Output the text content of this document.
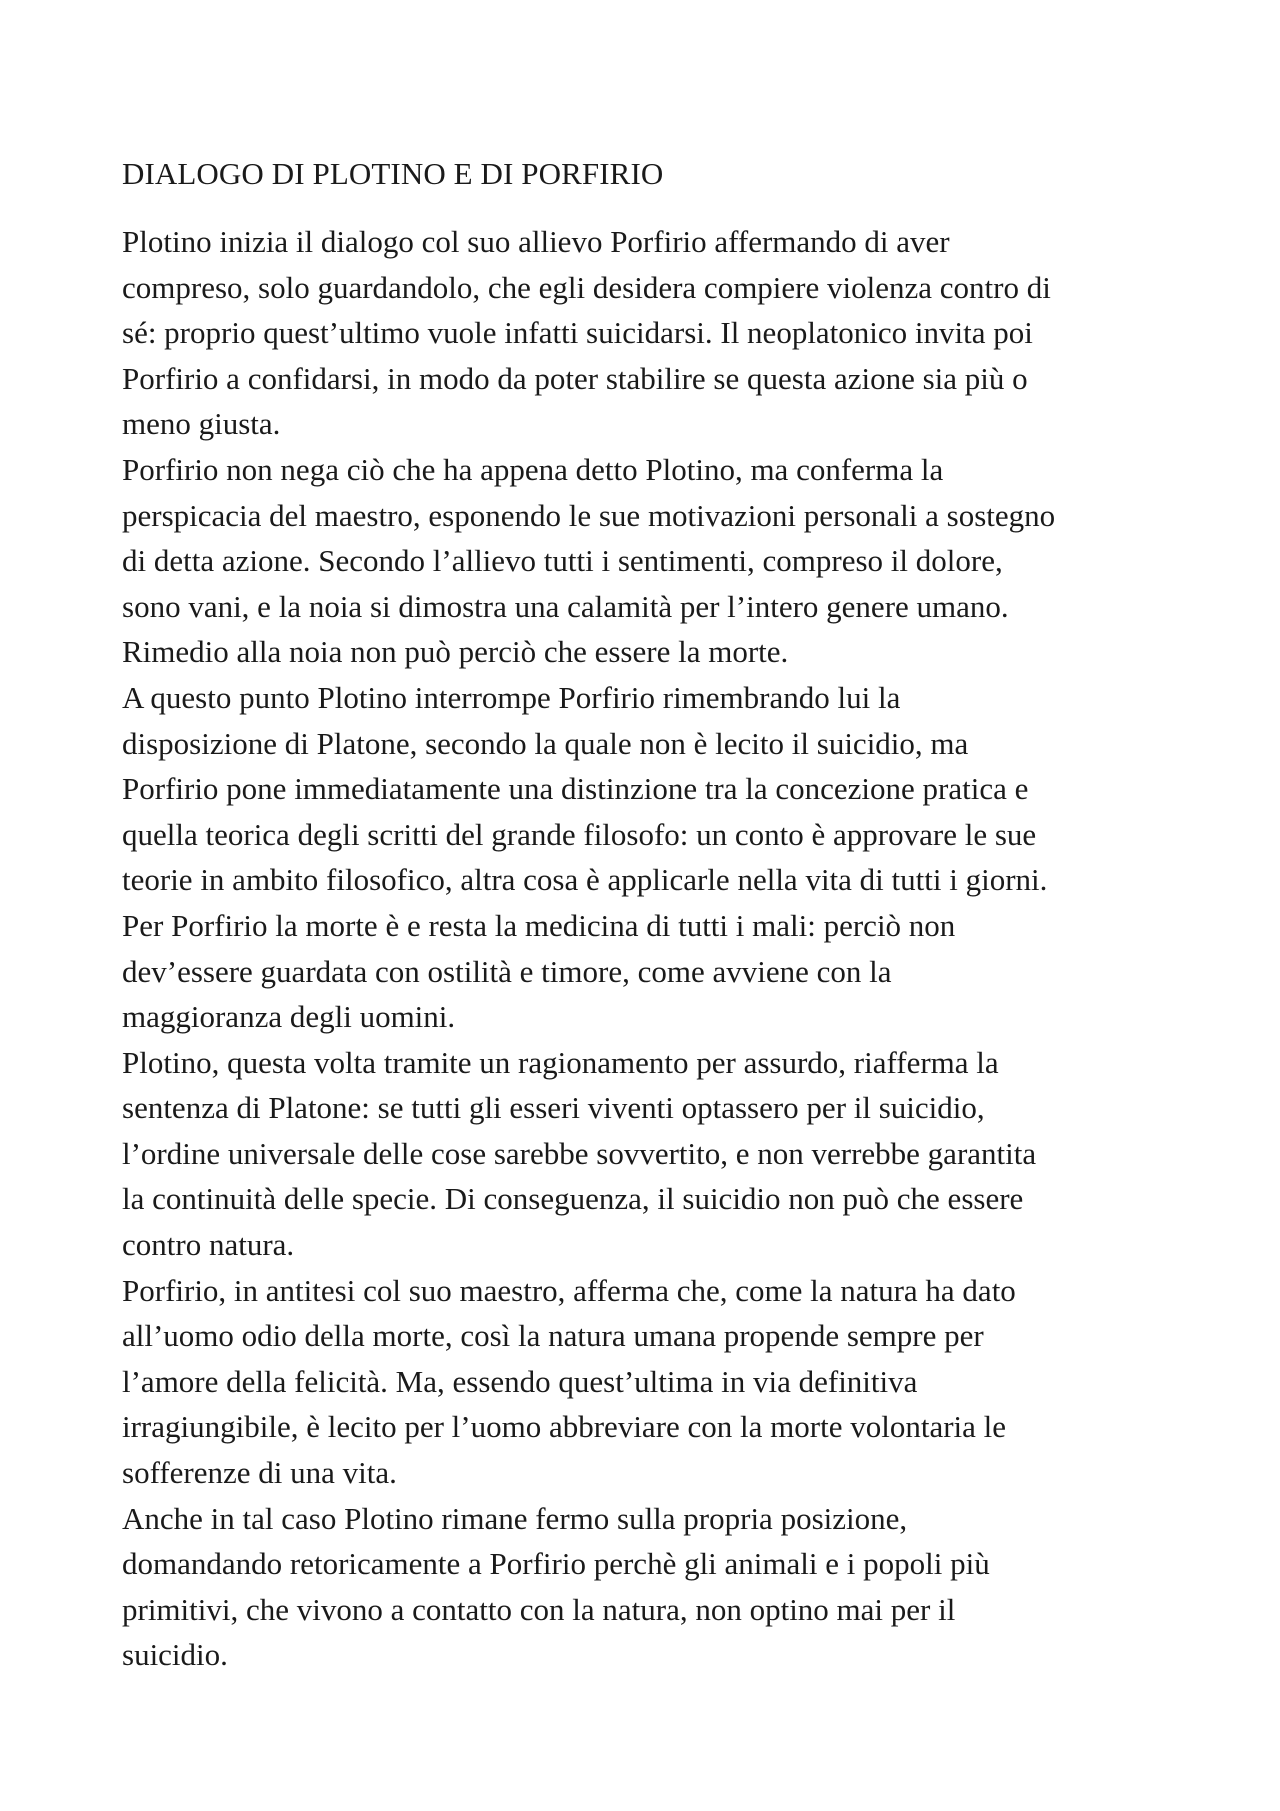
DIALOGO DI PLOTINO E DI PORFIRIO
Plotino inizia il dialogo col suo allievo Porfirio affermando di aver
compreso, solo guardandolo, che egli desidera compiere violenza contro di
sé: proprio quest’ultimo vuole infatti suicidarsi. Il neoplatonico invita poi
Porfirio a confidarsi, in modo da poter stabilire se questa azione sia più o
meno giusta.
Porfirio non nega ciò che ha appena detto Plotino, ma conferma la
perspicacia del maestro, esponendo le sue motivazioni personali a sostegno
di detta azione. Secondo l’allievo tutti i sentimenti, compreso il dolore,
sono vani, e la noia si dimostra una calamità per l’intero genere umano.
Rimedio alla noia non può perciò che essere la morte.
A questo punto Plotino interrompe Porfirio rimembrando lui la
disposizione di Platone, secondo la quale non è lecito il suicidio, ma
Porfirio pone immediatamente una distinzione tra la concezione pratica e
quella teorica degli scritti del grande filosofo: un conto è approvare le sue
teorie in ambito filosofico, altra cosa è applicarle nella vita di tutti i giorni.
Per Porfirio la morte è e resta la medicina di tutti i mali: perciò non
dev’essere guardata con ostilità e timore, come avviene con la
maggioranza degli uomini.
Plotino, questa volta tramite un ragionamento per assurdo, riafferma la
sentenza di Platone: se tutti gli esseri viventi optassero per il suicidio,
l’ordine universale delle cose sarebbe sovvertito, e non verrebbe garantita
la continuità delle specie. Di conseguenza, il suicidio non può che essere
contro natura.
Porfirio, in antitesi col suo maestro, afferma che, come la natura ha dato
all’uomo odio della morte, così la natura umana propende sempre per
l’amore della felicità. Ma, essendo quest’ultima in via definitiva
irragiungibile, è lecito per l’uomo abbreviare con la morte volontaria le
sofferenze di una vita.
Anche in tal caso Plotino rimane fermo sulla propria posizione,
domandando retoricamente a Porfirio perchè gli animali e i popoli più
primitivi, che vivono a contatto con la natura, non optino mai per il
suicidio.
